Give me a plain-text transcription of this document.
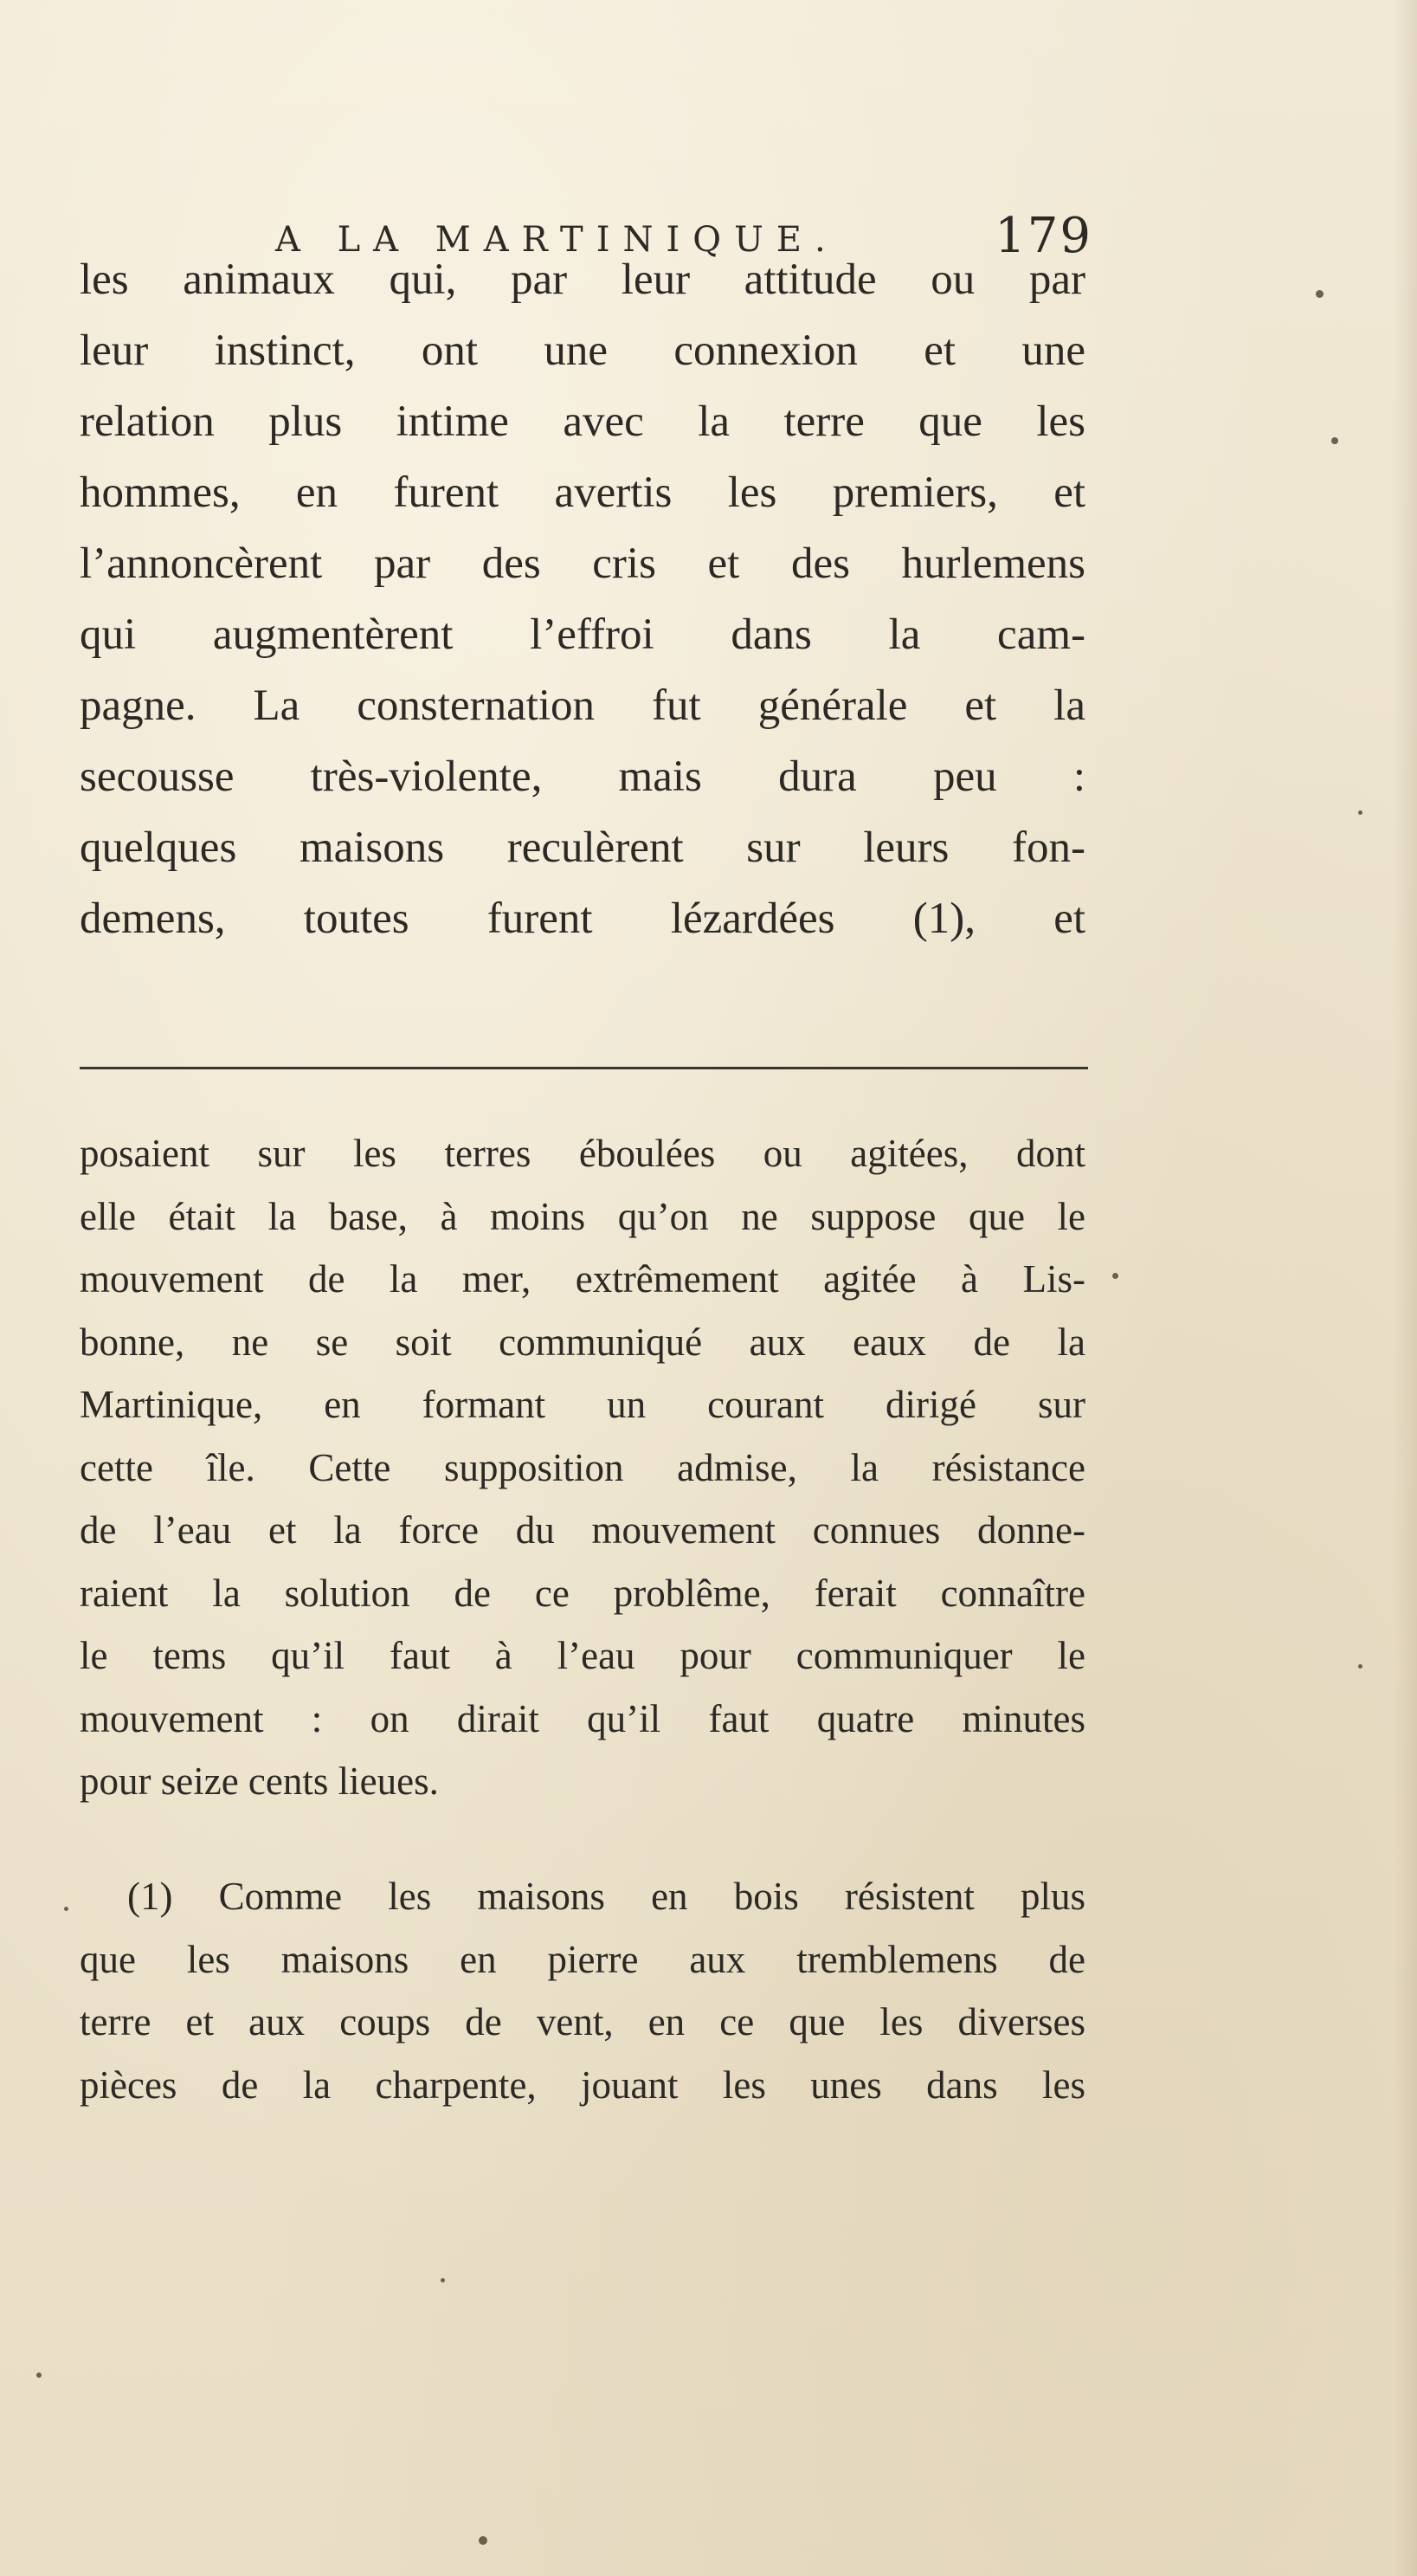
A LA MARTINIQUE.	179
les animaux qui, par leur attitude ou par
leur instinct, ont une connexion et une
relation plus intime avec la terre que les
hommes, en furent avertis les premiers, et
l’annoncèrent par des cris et des hurlemens
qui augmentèrent l’effroi dans la cam-
pagne. La consternation fut générale et la
secousse très-violente, mais dura peu :
quelques maisons reculèrent sur leurs fon-
demens, toutes furent lézardées (1), et
posaient sur les terres éboulées ou agitées, dont
elle était la base, à moins qu’on ne suppose que le
mouvement de la mer, extrêmement agitée à Lis-
bonne, ne se soit communiqué aux eaux de la
Martinique, en formant un courant dirigé sur
cette île. Cette supposition admise, la résistance
de l’eau et la force du mouvement connues donne-
raient la solution de ce problême, ferait connaître
le tems qu’il faut à l’eau pour communiquer le
mouvement : on dirait qu’il faut quatre minutes
pour seize cents lieues.
(1) Comme les maisons en bois résistent plus
que les maisons en pierre aux tremblemens de
terre et aux coups de vent, en ce que les diverses
pièces de la charpente, jouant les unes dans les
